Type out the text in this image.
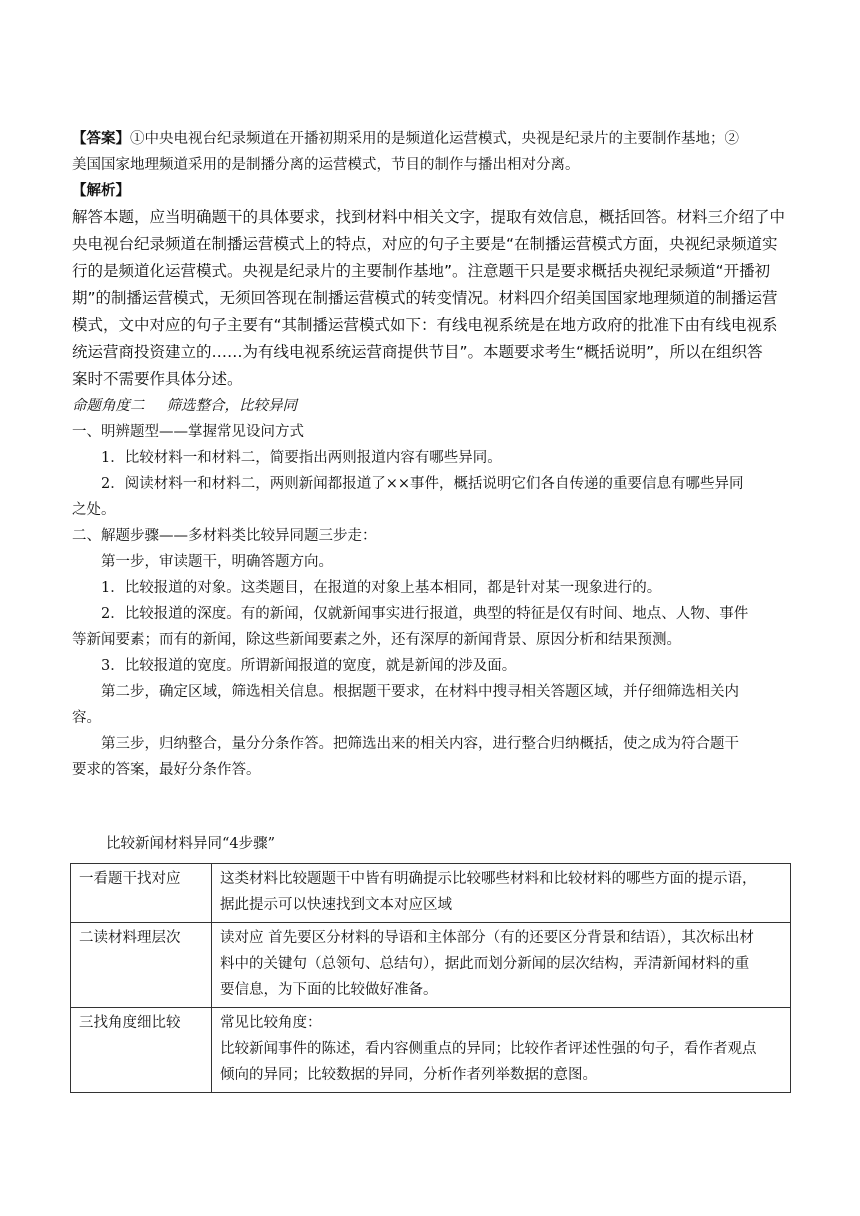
【答案】①中央电视台纪录频道在开播初期采用的是频道化运营模式，央视是纪录片的主要制作基地；②

美国国家地理频道采用的是制播分离的运营模式，节目的制作与播出相对分离。

【解析】

解答本题，应当明确题干的具体要求，找到材料中相关文字，提取有效信息，概括回答。材料三介绍了中

央电视台纪录频道在制播运营模式上的特点，对应的句子主要是“在制播运营模式方面，央视纪录频道实

行的是频道化运营模式。央视是纪录片的主要制作基地”。注意题干只是要求概括央视纪录频道“开播初

期”的制播运营模式，无须回答现在制播运营模式的转变情况。材料四介绍美国国家地理频道的制播运营

模式，文中对应的句子主要有“其制播运营模式如下：有线电视系统是在地方政府的批准下由有线电视系

统运营商投资建立的……为有线电视系统运营商提供节目”。本题要求考生“概括说明”，所以在组织答

案时不需要作具体分述。

命题角度二 筛选整合，比较异同

一、明辨题型——掌握常见设问方式

1．比较材料一和材料二，简要指出两则报道内容有哪些异同。

2．阅读材料一和材料二，两则新闻都报道了××事件，概括说明它们各自传递的重要信息有哪些异同

之处。

二、解题步骤——多材料类比较异同题三步走：

第一步，审读题干，明确答题方向。

1．比较报道的对象。这类题目，在报道的对象上基本相同，都是针对某一现象进行的。

2．比较报道的深度。有的新闻，仅就新闻事实进行报道，典型的特征是仅有时间、地点、人物、事件

等新闻要素；而有的新闻，除这些新闻要素之外，还有深厚的新闻背景、原因分析和结果预测。

3．比较报道的宽度。所谓新闻报道的宽度，就是新闻的涉及面。

第二步，确定区域，筛选相关信息。根据题干要求，在材料中搜寻相关答题区域，并仔细筛选相关内

容。

第三步，归纳整合，量分分条作答。把筛选出来的相关内容，进行整合归纳概括，使之成为符合题干

要求的答案，最好分条作答。

比较新闻材料异同“4步骤”
一看题干找对应	这类材料比较题题干中皆有明确提示比较哪些材料和比较材料的哪些方面的提示语，
据此提示可以快速找到文本对应区域

二读材料理层次	读对应 首先要区分材料的导语和主体部分（有的还要区分背景和结语），其次标出材
料中的关键句（总领句、总结句），据此而划分新闻的层次结构，弄清新闻材料的重
要信息，为下面的比较做好准备。

三找角度细比较	常见比较角度：
比较新闻事件的陈述，看内容侧重点的异同；比较作者评述性强的句子，看作者观点
倾向的异同；比较数据的异同，分析作者列举数据的意图。
